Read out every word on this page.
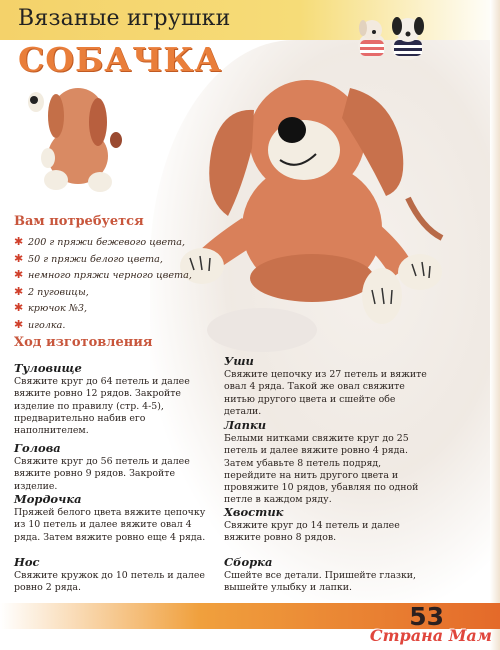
Вязаные игрушки
СОБАЧКА
Вам потребуется
✱ 200 г пряжи бежевого цвета,
✱ 50 г пряжи белого цвета,
✱ немного пряжи черного цвета,
✱ 2 пуговицы,
✱ крючок №3,
✱ иголка.
Ход изготовления
Туловище

Свяжите круг до 64 петель и далее вяжите ровно 12 рядов. Закройте изделие по правилу (стр. 4-5), предварительно набив его наполнителем.

Голова

Свяжите круг до 56 петель и далее вяжите ровно 9 рядов. Закройте изделие.

Мордочка

Пряжей белого цвета вяжите цепочку из 10 петель и далее вяжите овал 4 ряда. Затем вяжите ровно еще 4 ряда.

Нос

Свяжите кружок до 10 петель и далее ровно 2 ряда.

Уши

Свяжите цепочку из 27 петель и вяжите овал 4 ряда. Такой же овал свяжите нитью другого цвета и сшейте обе детали.

Лапки

Белыми нитками свяжите круг до 25 петель и далее вяжите ровно 4 ряда. Затем убавьте 8 петель подряд, перейдите на нить другого цвета и провяжите 10 рядов, убавляя по одной петле в каждом ряду.

Хвостик

Свяжите круг до 14 петель и далее вяжите ровно 8 рядов.

Сборка

Сшейте все детали. Пришейте глазки, вышейте улыбку и лапки.

53
Страна Мам
